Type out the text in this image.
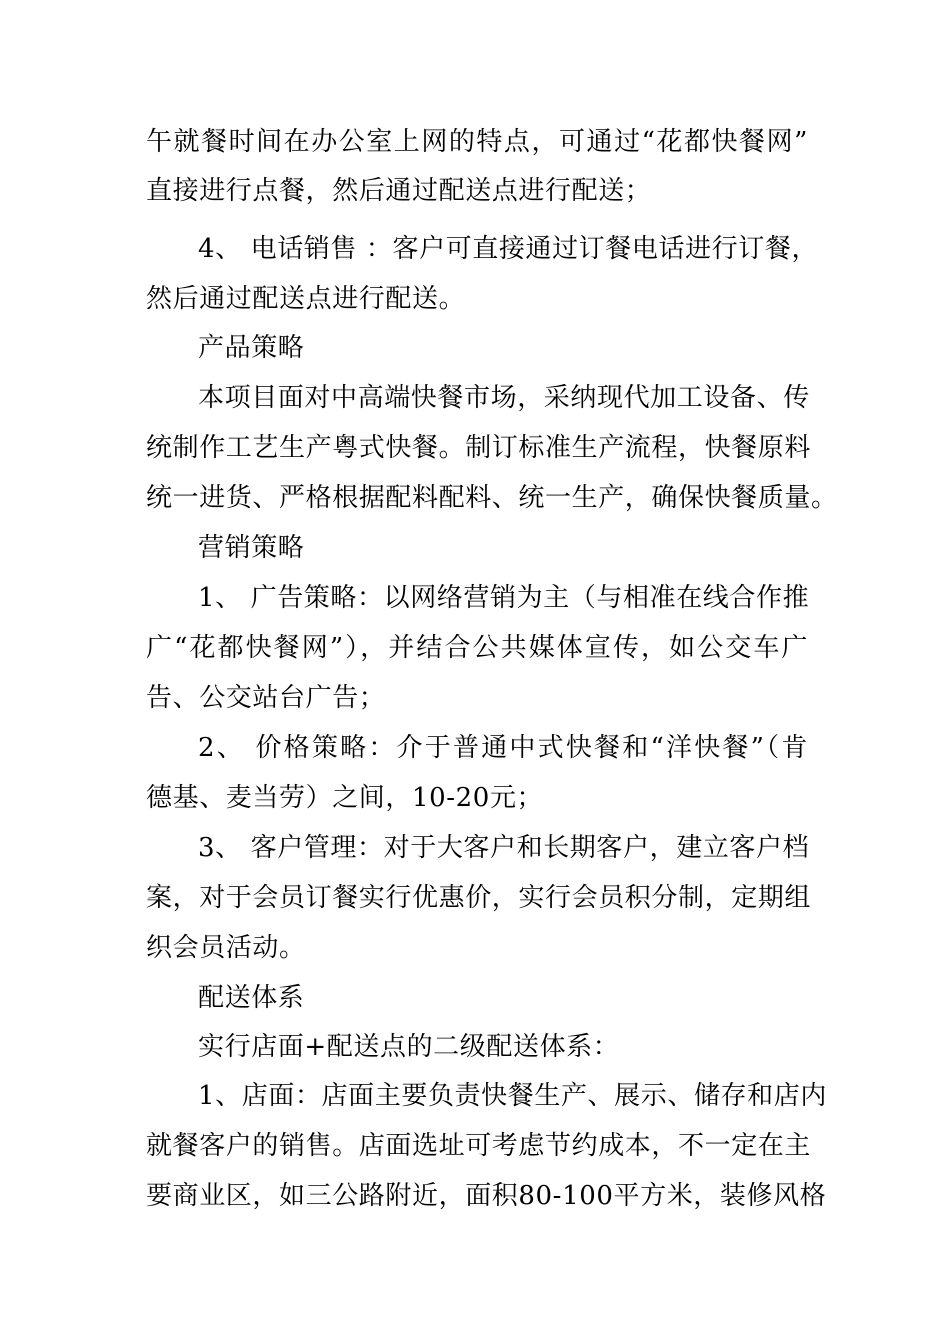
午就餐时间在办公室上网的特点，可通过“花都快餐网”
直接进行点餐，然后通过配送点进行配送；
4、 电话销售 ：客户可直接通过订餐电话进行订餐，
然后通过配送点进行配送。
产品策略
本项目面对中高端快餐市场，采纳现代加工设备、传
统制作工艺生产粤式快餐。制订标准生产流程，快餐原料
统一进货、严格根据配料配料、统一生产，确保快餐质量。
营销策略
1、 广告策略：以网络营销为主（与相准在线合作推
广“花都快餐网”），并结合公共媒体宣传，如公交车广
告、公交站台广告；
2、 价格策略：介于普通中式快餐和“洋快餐”（肯
德基、麦当劳）之间，10-20元；
3、 客户管理：对于大客户和长期客户，建立客户档
案，对于会员订餐实行优惠价，实行会员积分制，定期组
织会员活动。
配送体系
实行店面+配送点的二级配送体系：
1、店面：店面主要负责快餐生产、展示、储存和店内
就餐客户的销售。店面选址可考虑节约成本，不一定在主
要商业区，如三公路附近，面积80-100平方米，装修风格
